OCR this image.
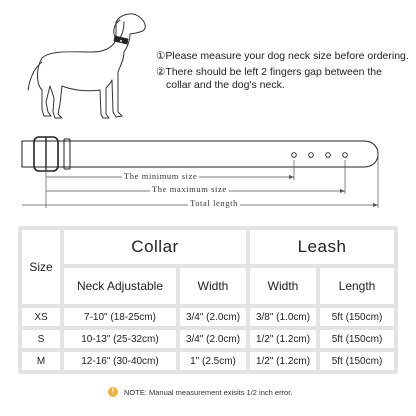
①Please measure your dog neck size before ordering.
②There should be left 2 fingers gap between the
collar and the dog's neck.
The minimum size
The maximum size
Total length
Size
Collar	Leash
Neck Adjustable	Width	Width	Length
XS	7-10" (18-25cm)	3/4" (2.0cm)	3/8" (1.0cm)	5ft (150cm)
S	10-13" (25-32cm)	3/4" (2.0cm)	1/2" (1.2cm)	5ft (150cm)
M	12-16" (30-40cm)	1" (2.5cm)	1/2" (1.2cm)	5ft (150cm)
!	NOTE: Manual measurement exisits 1/2 inch error.
